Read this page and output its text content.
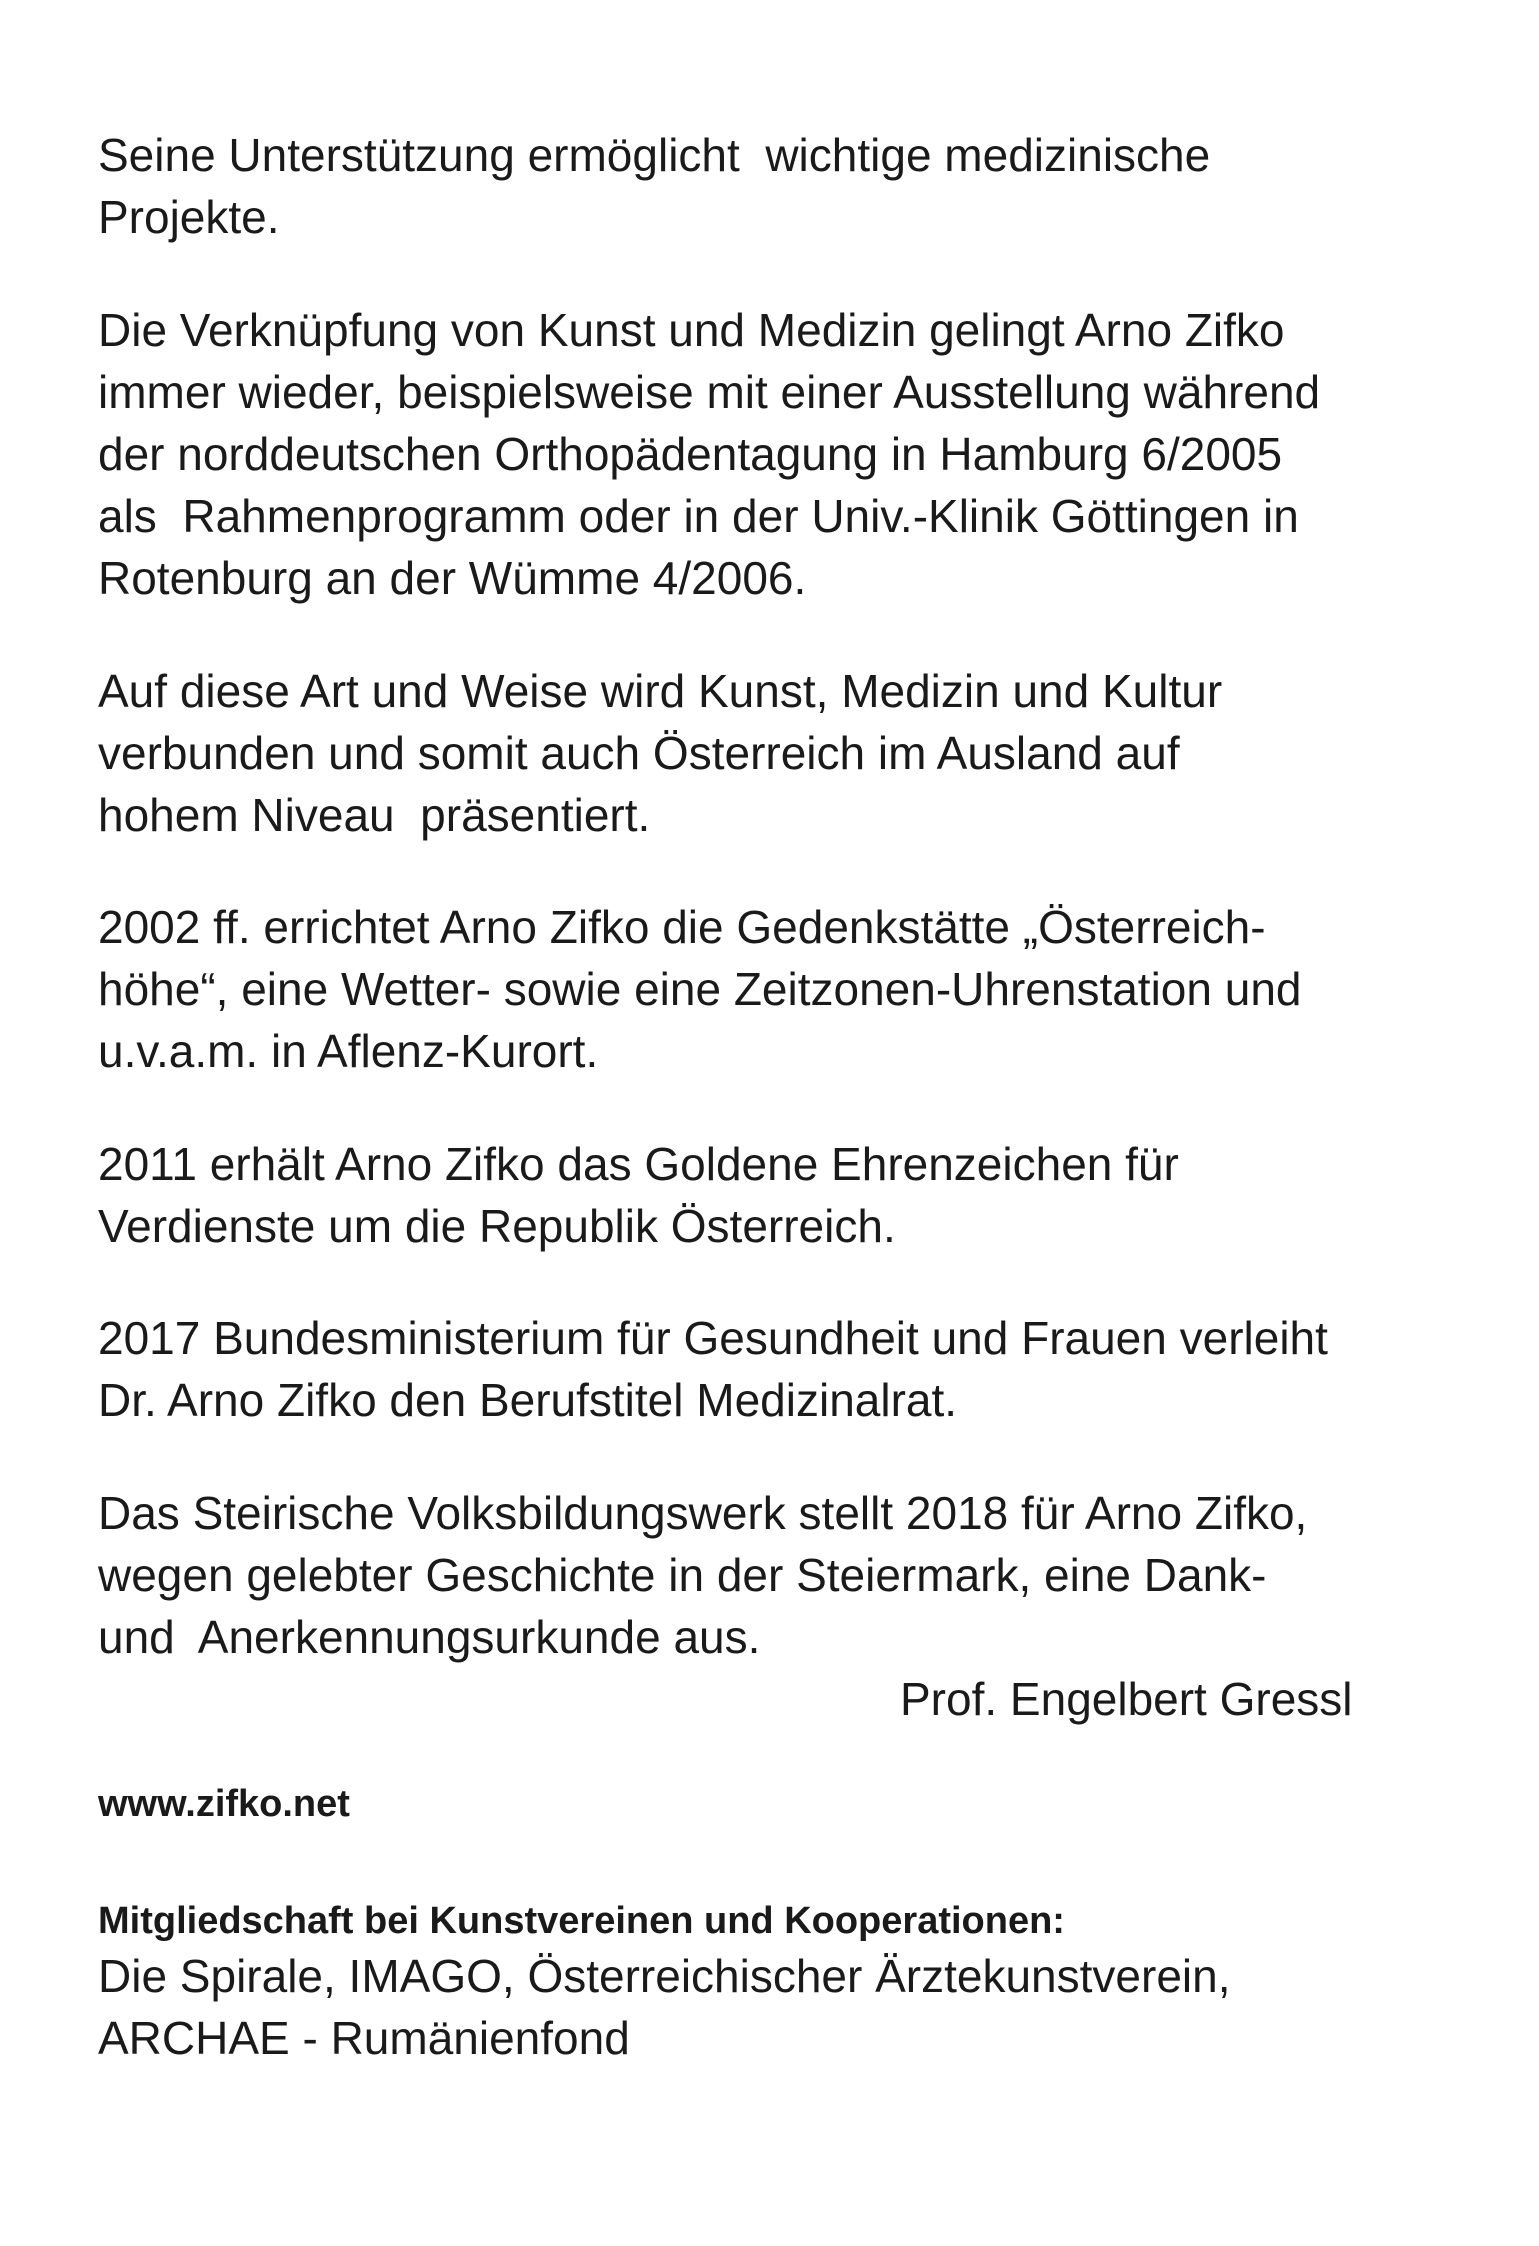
Seine Unterstützung ermöglicht  wichtige medizinische
Projekte.
Die Verknüpfung von Kunst und Medizin gelingt Arno Zifko
immer wieder, beispielsweise mit einer Ausstellung während
der norddeutschen Orthopädentagung in Hamburg 6/2005
als  Rahmenprogramm oder in der Univ.-Klinik Göttingen in
Rotenburg an der Wümme 4/2006.
Auf diese Art und Weise wird Kunst, Medizin und Kultur
verbunden und somit auch Österreich im Ausland auf
hohem Niveau  präsentiert.
2002 ff. errichtet Arno Zifko die Gedenkstätte „Österreich-
höhe“, eine Wetter- sowie eine Zeitzonen-Uhrenstation und
u.v.a.m. in Aflenz-Kurort.
2011 erhält Arno Zifko das Goldene Ehrenzeichen für
Verdienste um die Republik Österreich.
2017 Bundesministerium für Gesundheit und Frauen verleiht
Dr. Arno Zifko den Berufstitel Medizinalrat.
Das Steirische Volksbildungswerk stellt 2018 für Arno Zifko,
wegen gelebter Geschichte in der Steiermark, eine Dank-
und  Anerkennungsurkunde aus.
Prof. Engelbert Gressl
www.zifko.net
Mitgliedschaft bei Kunstvereinen und Kooperationen:
Die Spirale, IMAGO, Österreichischer Ärztekunstverein,
ARCHAE - Rumänienfond
